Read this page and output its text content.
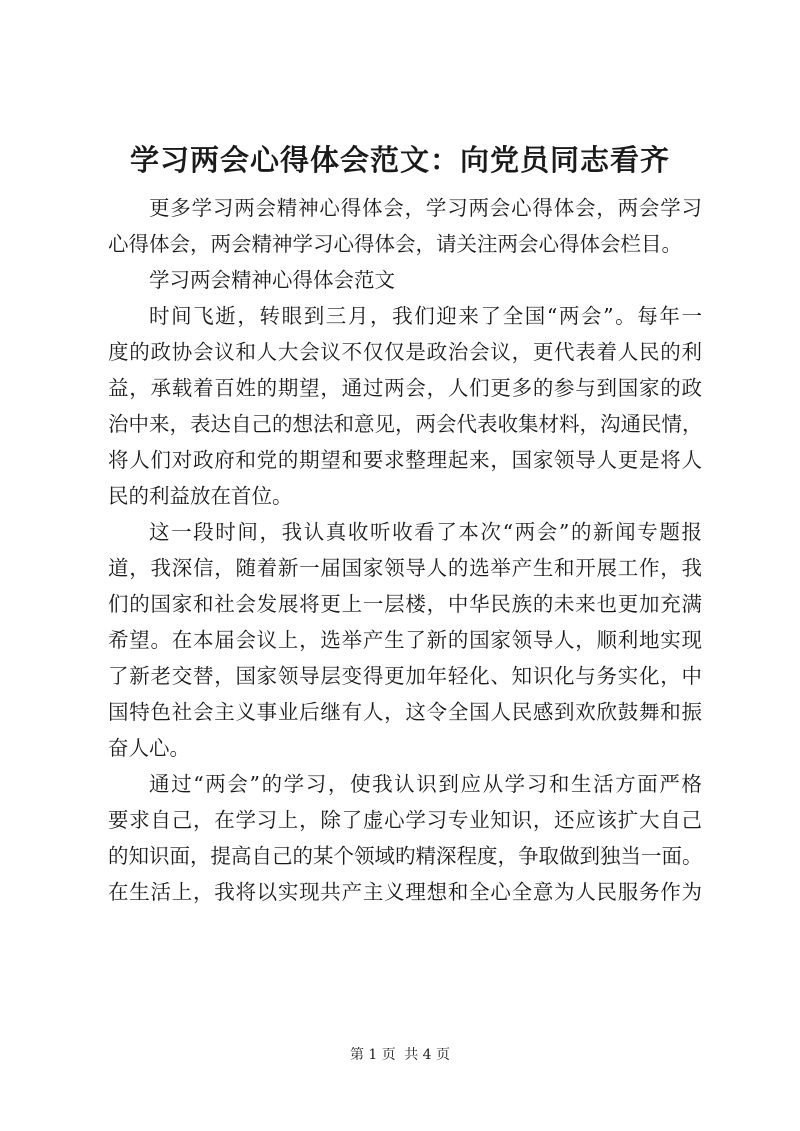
学习两会心得体会范文：向党员同志看齐

更多学习两会精神心得体会，学习两会心得体会，两会学习
心得体会，两会精神学习心得体会，请关注两会心得体会栏目。

学习两会精神心得体会范文

时间飞逝，转眼到三月，我们迎来了全国“两会”。每年一
度的政协会议和人大会议不仅仅是政治会议，更代表着人民的利
益，承载着百姓的期望，通过两会，人们更多的参与到国家的政
治中来，表达自己的想法和意见，两会代表收集材料，沟通民情，
将人们对政府和党的期望和要求整理起来，国家领导人更是将人
民的利益放在首位。

这一段时间，我认真收听收看了本次“两会”的新闻专题报
道，我深信，随着新一届国家领导人的选举产生和开展工作，我
们的国家和社会发展将更上一层楼，中华民族的未来也更加充满
希望。在本届会议上，选举产生了新的国家领导人，顺利地实现
了新老交替，国家领导层变得更加年轻化、知识化与务实化，中
国特色社会主义事业后继有人，这令全国人民感到欢欣鼓舞和振
奋人心。

通过“两会”的学习，使我认识到应从学习和生活方面严格
要求自己，在学习上，除了虚心学习专业知识，还应该扩大自己
的知识面，提高自己的某个领域旳精深程度，争取做到独当一面。
在生活上，我将以实现共产主义理想和全心全意为人民服务作为

第 1 页 共 4 页
